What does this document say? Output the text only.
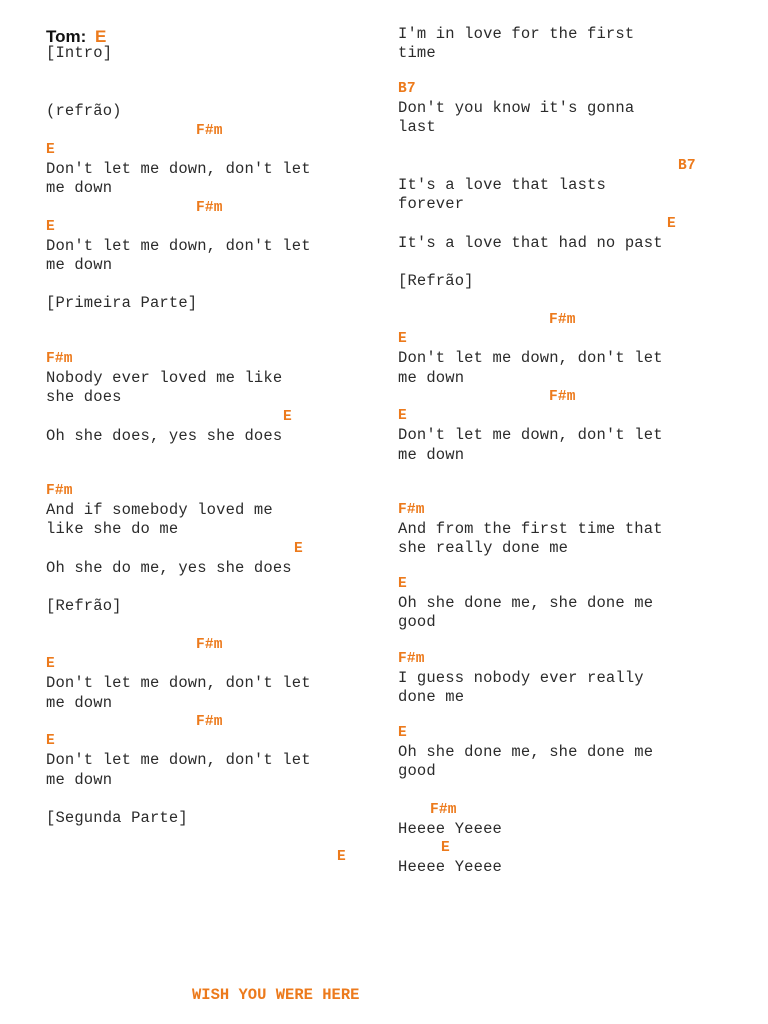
Tom: E
[Intro]
(refrão)
F#m
E
Don't let me down, don't let
me down
F#m
E
Don't let me down, don't let
me down
[Primeira Parte]
F#m
Nobody ever loved me like
she does
E
Oh she does, yes she does
F#m
And if somebody loved me
like she do me
E
Oh she do me, yes she does
[Refrão]
F#m
E
Don't let me down, don't let
me down
F#m
E
Don't let me down, don't let
me down
[Segunda Parte]
E
I'm in love for the first
time
B7
Don't you know it's gonna
last
B7
It's a love that lasts
forever
E
It's a love that had no past
[Refrão]
F#m
E
Don't let me down, don't let
me down
F#m
E
Don't let me down, don't let
me down
F#m
And from the first time that
she really done me
E
Oh she done me, she done me
good
F#m
I guess nobody ever really
done me
E
Oh she done me, she done me
good
F#m
Heeee Yeeee
E
Heeee Yeeee
WISH YOU WERE HERE
